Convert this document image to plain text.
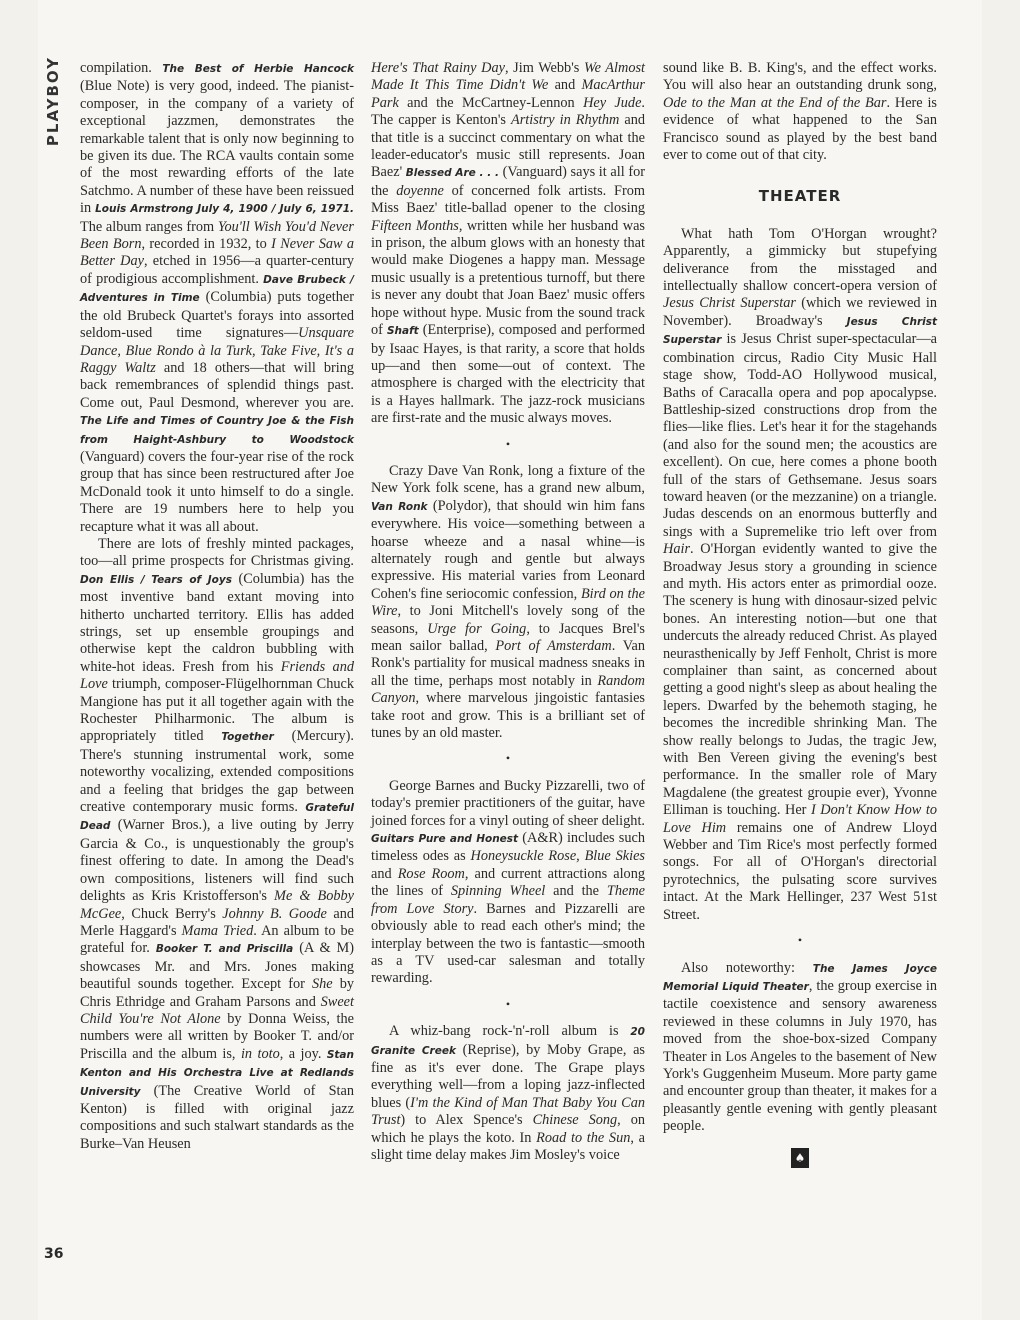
PLAYBOY
36

compilation. The Best of Herbie Hancock (Blue Note) is very good, indeed. The pianist-composer, in the company of a variety of exceptional jazzmen, demonstrates the remarkable talent that is only now beginning to be given its due. The RCA vaults contain some of the most rewarding efforts of the late Satchmo. A number of these have been reissued in Louis Armstrong July 4, 1900 / July 6, 1971. The album ranges from You'll Wish You'd Never Been Born, recorded in 1932, to I Never Saw a Better Day, etched in 1956—a quarter-century of prodigious accomplishment. Dave Brubeck / Adventures in Time (Columbia) puts together the old Brubeck Quartet's forays into assorted seldom-used time signatures—Unsquare Dance, Blue Rondo à la Turk, Take Five, It's a Raggy Waltz and 18 others—that will bring back remembrances of splendid things past. Come out, Paul Desmond, wherever you are. The Life and Times of Country Joe & the Fish from Haight-Ashbury to Woodstock (Vanguard) covers the four-year rise of the rock group that has since been restructured after Joe McDonald took it unto himself to do a single. There are 19 numbers here to help you recapture what it was all about.

There are lots of freshly minted packages, too—all prime prospects for Christmas giving. Don Ellis / Tears of Joys (Columbia) has the most inventive band extant moving into hitherto uncharted territory. Ellis has added strings, set up ensemble groupings and otherwise kept the caldron bubbling with white-hot ideas. Fresh from his Friends and Love triumph, composer-Flügelhornman Chuck Mangione has put it all together again with the Rochester Philharmonic. The album is appropriately titled Together (Mercury). There's stunning instrumental work, some noteworthy vocalizing, extended compositions and a feeling that bridges the gap between creative contemporary music forms. Grateful Dead (Warner Bros.), a live outing by Jerry Garcia & Co., is unquestionably the group's finest offering to date. In among the Dead's own compositions, listeners will find such delights as Kris Kristofferson's Me & Bobby McGee, Chuck Berry's Johnny B. Goode and Merle Haggard's Mama Tried. An album to be grateful for. Booker T. and Priscilla (A & M) showcases Mr. and Mrs. Jones making beautiful sounds together. Except for She by Chris Ethridge and Graham Parsons and Sweet Child You're Not Alone by Donna Weiss, the numbers were all written by Booker T. and/or Priscilla and the album is, in toto, a joy. Stan Kenton and His Orchestra Live at Redlands University (The Creative World of Stan Kenton) is filled with original jazz compositions and such stalwart standards as the Burke–Van Heusen

Here's That Rainy Day, Jim Webb's We Almost Made It This Time Didn't We and MacArthur Park and the McCartney-Lennon Hey Jude. The capper is Kenton's Artistry in Rhythm and that title is a succinct commentary on what the leader-educator's music still represents. Joan Baez' Blessed Are . . . (Vanguard) says it all for the doyenne of concerned folk artists. From Miss Baez' title-ballad opener to the closing Fifteen Months, written while her husband was in prison, the album glows with an honesty that would make Diogenes a happy man. Message music usually is a pretentious turnoff, but there is never any doubt that Joan Baez' music offers hope without hype. Music from the sound track of Shaft (Enterprise), composed and performed by Isaac Hayes, is that rarity, a score that holds up—and then some—out of context. The atmosphere is charged with the electricity that is a Hayes hallmark. The jazz-rock musicians are first-rate and the music always moves.

•

Crazy Dave Van Ronk, long a fixture of the New York folk scene, has a grand new album, Van Ronk (Polydor), that should win him fans everywhere. His voice—something between a hoarse wheeze and a nasal whine—is alternately rough and gentle but always expressive. His material varies from Leonard Cohen's fine seriocomic confession, Bird on the Wire, to Joni Mitchell's lovely song of the seasons, Urge for Going, to Jacques Brel's mean sailor ballad, Port of Amsterdam. Van Ronk's partiality for musical madness sneaks in all the time, perhaps most notably in Random Canyon, where marvelous jingoistic fantasies take root and grow. This is a brilliant set of tunes by an old master.

•

George Barnes and Bucky Pizzarelli, two of today's premier practitioners of the guitar, have joined forces for a vinyl outing of sheer delight. Guitars Pure and Honest (A&R) includes such timeless odes as Honeysuckle Rose, Blue Skies and Rose Room, and current attractions along the lines of Spinning Wheel and the Theme from Love Story. Barnes and Pizzarelli are obviously able to read each other's mind; the interplay between the two is fantastic—smooth as a TV used-car salesman and totally rewarding.

•

A whiz-bang rock-'n'-roll album is 20 Granite Creek (Reprise), by Moby Grape, as fine as it's ever done. The Grape plays everything well—from a loping jazz-inflected blues (I'm the Kind of Man That Baby You Can Trust) to Alex Spence's Chinese Song, on which he plays the koto. In Road to the Sun, a slight time delay makes Jim Mosley's voice

sound like B. B. King's, and the effect works. You will also hear an outstanding drunk song, Ode to the Man at the End of the Bar. Here is evidence of what happened to the San Francisco sound as played by the best band ever to come out of that city.

THEATER

What hath Tom O'Horgan wrought? Apparently, a gimmicky but stupefying deliverance from the misstaged and intellectually shallow concert-opera version of Jesus Christ Superstar (which we reviewed in November). Broadway's Jesus Christ Superstar is Jesus Christ super-spectacular—a combination circus, Radio City Music Hall stage show, Todd-AO Hollywood musical, Baths of Caracalla opera and pop apocalypse. Battleship-sized constructions drop from the flies—like flies. Let's hear it for the stagehands (and also for the sound men; the acoustics are excellent). On cue, here comes a phone booth full of the stars of Gethsemane. Jesus soars toward heaven (or the mezzanine) on a triangle. Judas descends on an enormous butterfly and sings with a Supremelike trio left over from Hair. O'Horgan evidently wanted to give the Broadway Jesus story a grounding in science and myth. His actors enter as primordial ooze. The scenery is hung with dinosaur-sized pelvic bones. An interesting notion—but one that undercuts the already reduced Christ. As played neurasthenically by Jeff Fenholt, Christ is more complainer than saint, as concerned about getting a good night's sleep as about healing the lepers. Dwarfed by the behemoth staging, he becomes the incredible shrinking Man. The show really belongs to Judas, the tragic Jew, with Ben Vereen giving the evening's best performance. In the smaller role of Mary Magdalene (the greatest groupie ever), Yvonne Elliman is touching. Her I Don't Know How to Love Him remains one of Andrew Lloyd Webber and Tim Rice's most perfectly formed songs. For all of O'Horgan's directorial pyrotechnics, the pulsating score survives intact. At the Mark Hellinger, 237 West 51st Street.

•

Also noteworthy: The James Joyce Memorial Liquid Theater, the group exercise in tactile coexistence and sensory awareness reviewed in these columns in July 1970, has moved from the shoe-box-sized Company Theater in Los Angeles to the basement of New York's Guggenheim Museum. More party game and encounter group than theater, it makes for a pleasantly gentle evening with gently pleasant people.

♠
